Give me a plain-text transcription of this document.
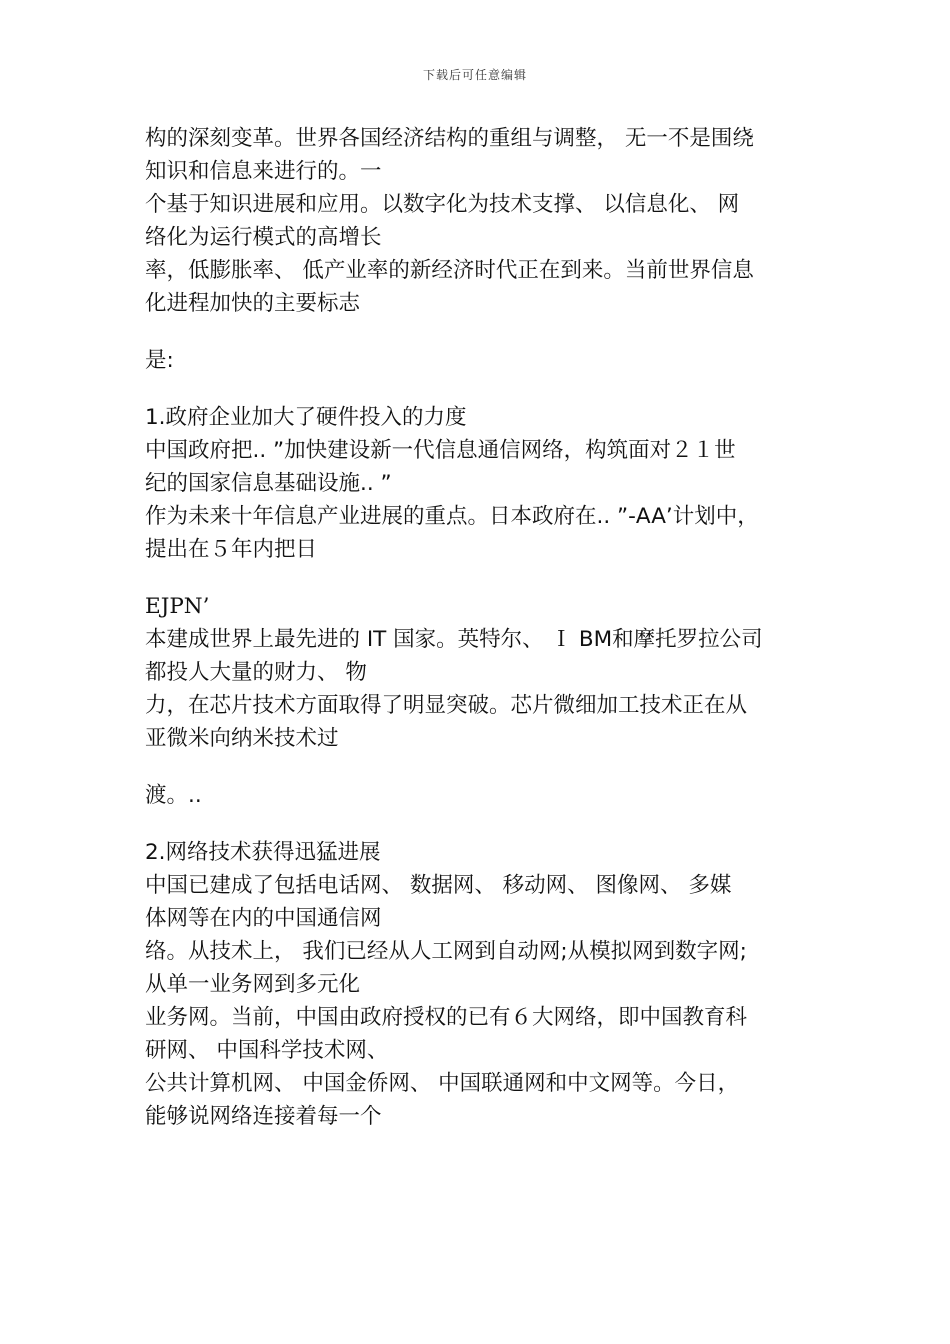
下载后可任意编辑

构的深刻变革。世界各国经济结构的重组与调整， 无一不是围绕

知识和信息来进行的。一

个基于知识进展和应用。以数字化为技术支撑、 以信息化、 网

络化为运行模式的高增长

率，低膨胀率、 低产业率的新经济时代正在到来。当前世界信息

化进程加快的主要标志

是:

1.政府企业加大了硬件投入的力度

中国政府把.. ”加快建设新一代信息通信网络，构筑面对２１世

纪的国家信息基础设施.. ”

作为未来十年信息产业进展的重点。日本政府在.. ”-AA’计划中，

提出在５年内把日

EJPN’

本建成世界上最先进的 IT 国家。英特尔、 Ｉ BM和摩托罗拉公司

都投人大量的财力、 物

力，在芯片技术方面取得了明显突破。芯片微细加工技术正在从

亚微米向纳米技术过

渡。..

2.网络技术获得迅猛进展

中国已建成了包括电话网、 数据网、 移动网、 图像网、 多媒

体网等在内的中国通信网

络。从技术上， 我们已经从人工网到自动网;从模拟网到数字网;

从单一业务网到多元化

业务网。当前，中国由政府授权的已有６大网络，即中国教育科

研网、 中国科学技术网、

公共计算机网、 中国金侨网、 中国联通网和中文网等。今日，

能够说网络连接着每一个
